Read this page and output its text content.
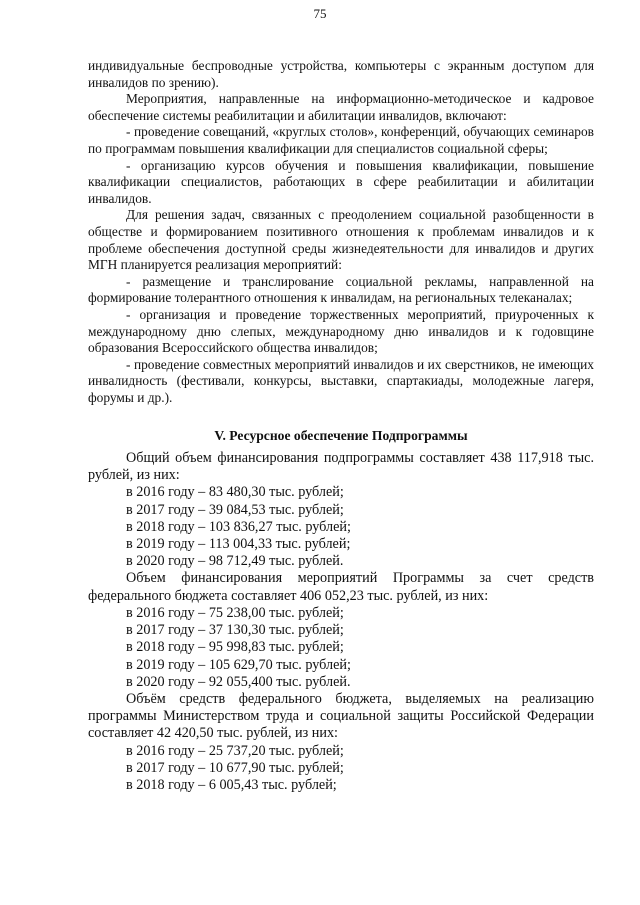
75

индивидуальные беспроводные устройства, компьютеры с экранным доступом для инвалидов по зрению).

Мероприятия, направленные на информационно-методическое и кадровое обеспечение системы реабилитации и абилитации инвалидов, включают:

- проведение совещаний, «круглых столов», конференций, обучающих семинаров по программам повышения квалификации для специалистов социальной сферы;

- организацию курсов обучения и повышения квалификации, повышение квалификации специалистов, работающих в сфере реабилитации и абилитации инвалидов.

Для решения задач, связанных с преодолением социальной разобщенности в обществе и формированием позитивного отношения к проблемам инвалидов и к проблеме обеспечения доступной среды жизнедеятельности для инвалидов и других МГН планируется реализация мероприятий:

- размещение и транслирование социальной рекламы, направленной на формирование толерантного отношения к инвалидам, на региональных телеканалах;

- организация и проведение торжественных мероприятий, приуроченных к международному дню слепых, международному дню инвалидов и к годовщине образования Всероссийского общества инвалидов;

- проведение совместных мероприятий инвалидов и их сверстников, не имеющих инвалидность (фестивали, конкурсы, выставки, спартакиады, молодежные лагеря, форумы и др.).

V. Ресурсное обеспечение Подпрограммы

Общий объем финансирования подпрограммы составляет 438 117,918 тыс. рублей, из них:

в 2016 году – 83 480,30 тыс. рублей;

в 2017 году – 39 084,53 тыс. рублей;

в 2018 году – 103 836,27 тыс. рублей;

в 2019 году – 113 004,33 тыс. рублей;

в 2020 году – 98 712,49 тыс. рублей.

Объем финансирования мероприятий Программы за счет средств федерального бюджета составляет 406 052,23 тыс. рублей, из них:

в 2016 году – 75 238,00 тыс. рублей;

в 2017 году – 37 130,30 тыс. рублей;

в 2018 году – 95 998,83 тыс. рублей;

в 2019 году – 105 629,70 тыс. рублей;

в 2020 году – 92 055,400 тыс. рублей.

Объём средств федерального бюджета, выделяемых на реализацию программы Министерством труда и социальной защиты Российской Федерации составляет 42 420,50 тыс. рублей, из них:

в 2016 году – 25 737,20 тыс. рублей;

в 2017 году – 10 677,90 тыс. рублей;

в 2018 году – 6 005,43 тыс. рублей;
